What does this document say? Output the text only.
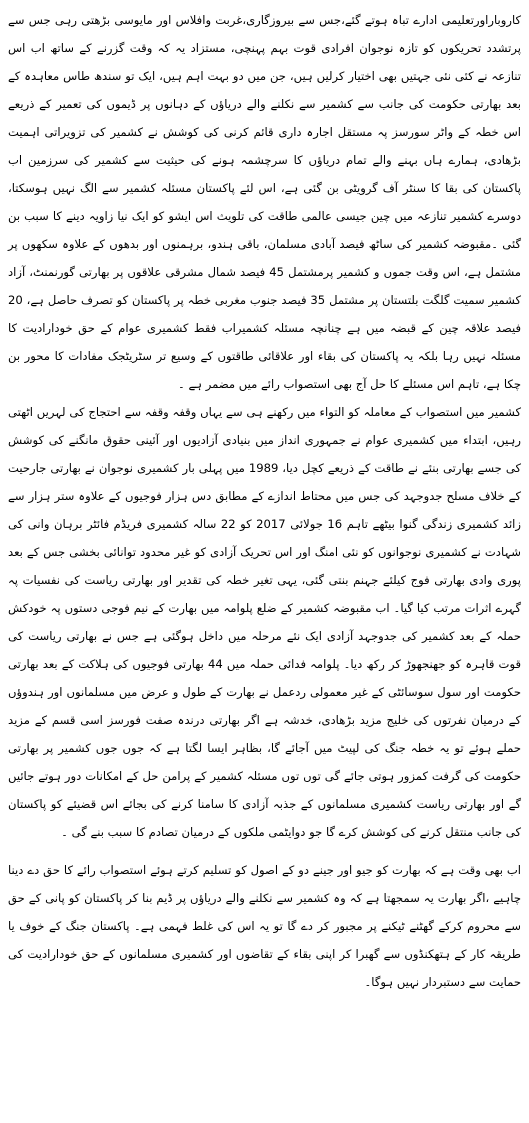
کاروباراورتعلیمی ادارے تباہ ہوتے گئے،جس سے بیروزگاری،غربت وافلاس اور مایوسی بڑھتی رہی جس سے پرتشدد تحریکوں کو تازہ نوجوان افرادی قوت بہم پہنچی، مستزاد یہ کہ وقت گزرنے کے ساتھ اب اس تنازعہ نے کئی نئی جہتیں بھی اختیار کرلیں ہیں، جن میں دو بہت اہم ہیں، ایک تو سندھ طاس معاہدہ کے بعد بھارتی حکومت کی جانب سے کشمیر سے نکلنے والے دریاؤں کے دہانوں پر ڈیموں کی تعمیر کے ذریعے اس خطہ کے واٹر سورسز پہ مستقل اجارہ داری قائم کرنی کی کوشش نے کشمیر کی تزویراتی اہمیت بڑھادی، ہمارے ہاں بہنے والے تمام دریاؤں کا سرچشمہ ہونے کی حیثیت سے کشمیر کی سرزمین اب پاکستان کی بقا کا سنٹر آف گرویٹی بن گئی ہے، اس لئے پاکستان مسئلہ کشمیر سے الگ نہیں ہوسکتا، دوسرے کشمیر تنازعہ میں چین جیسی عالمی طاقت کی تلویث اس ایشو کو ایک نیا زاویہ دینے کا سبب بن گئی ۔مقبوضہ کشمیر کی ساٹھ فیصد آبادی مسلمان، باقی ہندو، برہمنوں اور بدھوں کے علاوہ سکھوں پر مشتمل ہے، اس وقت جموں و کشمیر پرمشتمل 45 فیصد شمال مشرقی علاقوں پر بھارتی گورنمنٹ، آزاد کشمیر سمیت گلگت بلتستان پر مشتمل 35 فیصد جنوب مغربی خطہ پر پاکستان کو تصرف حاصل ہے، 20 فیصد علاقہ چین کے قبضہ میں ہے چنانچہ مسئلہ کشمیراب فقط کشمیری عوام کے حق خودارادیت کا مسئلہ نہیں رہا بلکہ یہ پاکستان کی بقاء اور علاقائی طاقتوں کے وسیع تر سٹریٹجک مفادات کا محور بن چکا ہے، تاہم اس مسئلے کا حل آج بھی استصواب رائے میں مضمر ہے ۔

کشمیر میں استصواب کے معاملہ کو التواء میں رکھنے ہی سے یہاں وقفہ وقفہ سے احتجاج کی لہریں اٹھتی رہیں، ابتداء میں کشمیری عوام نے جمہوری انداز میں بنیادی آزادیوں اور آئینی حقوق مانگنے کی کوشش کی جسے بھارتی بنئے نے طاقت کے ذریعے کچل دیا، 1989 میں پہلی بار کشمیری نوجوان نے بھارتی جارحیت کے خلاف مسلح جدوجہد کی جس میں محتاط اندازے کے مطابق دس ہزار فوجیوں کے علاوہ ستر ہزار سے زائد کشمیری زندگی گنوا بیٹھے تاہم 16 جولائی 2017 کو 22 سالہ کشمیری فریڈم فائٹر برہان وانی کی شہادت نے کشمیری نوجوانوں کو نئی امنگ اور اس تحریک آزادی کو غیر محدود توانائی بخشی جس کے بعد پوری وادی بھارتی فوج کیلئے جہنم بنتی گئی، یہی تغیر خطہ کی تقدیر اور بھارتی ریاست کی نفسیات پہ گہرے اثرات مرتب کیا گیا۔ اب مقبوضہ کشمیر کے ضلع پلوامہ میں بھارت کے نیم فوجی دستوں پہ خودکش حملہ کے بعد کشمیر کی جدوجہد آزادی ایک نئے مرحلہ میں داخل ہوگئی ہے جس نے بھارتی ریاست کی قوت قاہرہ کو جھنجھوڑ کر رکھ دیا۔ پلوامہ فدائی حملہ میں 44 بھارتی فوجیوں کی ہلاکت کے بعد بھارتی حکومت اور سول سوسائٹی کے غیر معمولی ردعمل نے بھارت کے طول و عرض میں مسلمانوں اور ہندوؤں کے درمیان نفرتوں کی خلیج مزید بڑھادی، خدشہ ہے اگر بھارتی درندہ صفت فورسز اسی قسم کے مزید حملے ہوئے تو یہ خطہ جنگ کی لپیٹ میں آجائے گا، بظاہر ایسا لگتا ہے کہ جوں جوں کشمیر پر بھارتی حکومت کی گرفت کمزور ہوتی جائے گی توں توں مسئلہ کشمیر کے پرامن حل کے امکانات دور ہوتے جائیں گے اور بھارتی ریاست کشمیری مسلمانوں کے جذبہ آزادی کا سامنا کرنے کی بجائے اس قضیئے کو پاکستان کی جانب منتقل کرنے کی کوشش کرے گا جو دوایٹمی ملکوں کے درمیان تصادم کا سبب بنے گی ۔

اب بھی وقت ہے کہ بھارت کو جیو اور جینے دو کے اصول کو تسلیم کرتے ہوئے استصواب رائے کا حق دے دینا چاہیے ،اگر بھارت یہ سمجھتا ہے کہ وہ کشمیر سے نکلنے والے دریاؤں پر ڈیم بنا کر پاکستان کو پانی کے حق سے محروم کرکے گھٹنے ٹیکنے پر مجبور کر دے گا تو یہ اس کی غلط فہمی ہے۔ پاکستان جنگ کے خوف یا طریقہ کار کے ہتھکنڈوں سے گھبرا کر اپنی بقاء کے تقاضوں اور کشمیری مسلمانوں کے حق خودارادیت کی حمایت سے دستبردار نہیں ہوگا۔
